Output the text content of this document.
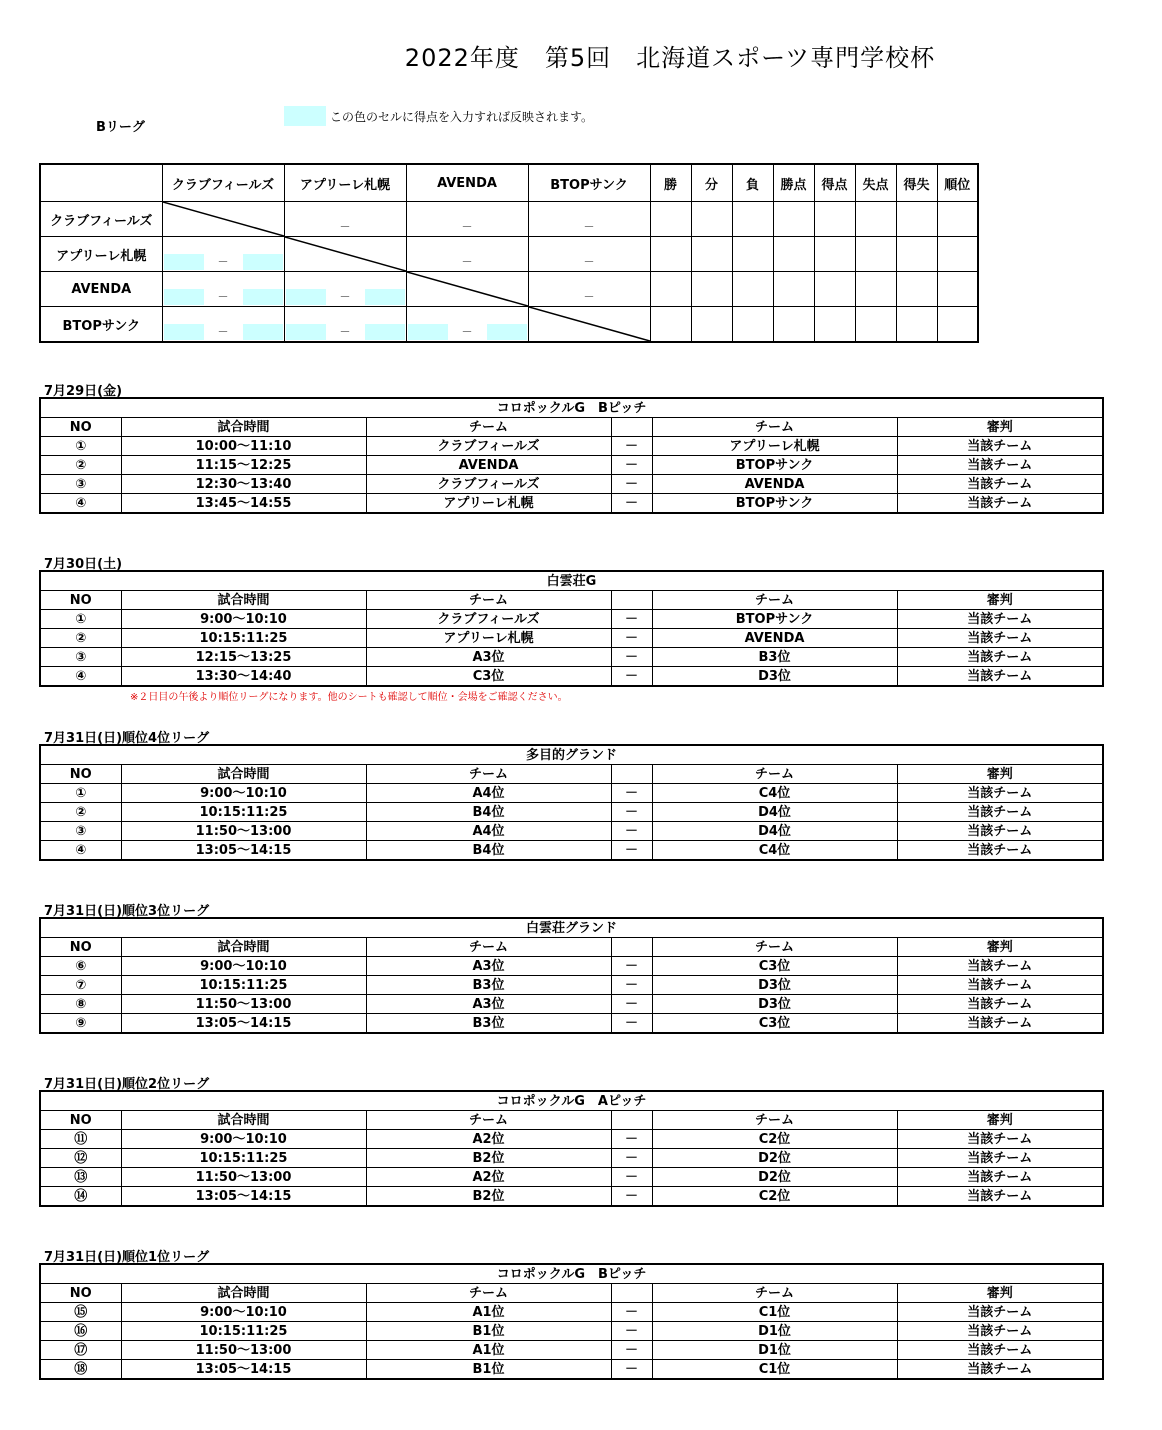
2022年度　第5回　北海道スポーツ専門学校杯
Bリーグ
この色のセルに得点を入力すれば反映されます。
	クラブフィールズ	アプリーレ札幌	AVENDA	BTOPサンク	勝	分	負	勝点	得点	失点	得失	順位
クラブフィールズ		－	－	－								

アプリーレ札幌	－		－	－								

AVENDA	－	－		－								

BTOPサンク	－	－	－

7月29日(金)
コロポックルG　Bピッチ					
NO	試合時間	チーム		チーム	審判
①	10:00～11:10	クラブフィールズ	－	アプリーレ札幌	当該チーム
②	11:15～12:25	AVENDA	－	BTOPサンク	当該チーム
③	12:30～13:40	クラブフィールズ	－	AVENDA	当該チーム
④	13:45～14:55	アプリーレ札幌	－	BTOPサンク	当該チーム
7月30日(土)
白雲荘G					
NO	試合時間	チーム		チーム	審判
①	9:00～10:10	クラブフィールズ	－	BTOPサンク	当該チーム
②	10:15:11:25	アプリーレ札幌	－	AVENDA	当該チーム
③	12:15～13:25	A3位	－	B3位	当該チーム
④	13:30～14:40	C3位	－	D3位	当該チーム
7月31日(日)順位4位リーグ
多目的グランド					
NO	試合時間	チーム		チーム	審判
①	9:00～10:10	A4位	－	C4位	当該チーム
②	10:15:11:25	B4位	－	D4位	当該チーム
③	11:50～13:00	A4位	－	D4位	当該チーム
④	13:05～14:15	B4位	－	C4位	当該チーム
7月31日(日)順位3位リーグ
白雲荘グランド					
NO	試合時間	チーム		チーム	審判
⑥	9:00～10:10	A3位	－	C3位	当該チーム
⑦	10:15:11:25	B3位	－	D3位	当該チーム
⑧	11:50～13:00	A3位	－	D3位	当該チーム
⑨	13:05～14:15	B3位	－	C3位	当該チーム
7月31日(日)順位2位リーグ
コロポックルG　Aピッチ					
NO	試合時間	チーム		チーム	審判
⑪	9:00～10:10	A2位	－	C2位	当該チーム
⑫	10:15:11:25	B2位	－	D2位	当該チーム
⑬	11:50～13:00	A2位	－	D2位	当該チーム
⑭	13:05～14:15	B2位	－	C2位	当該チーム
7月31日(日)順位1位リーグ
コロポックルG　Bピッチ					
NO	試合時間	チーム		チーム	審判
⑮	9:00～10:10	A1位	－	C1位	当該チーム
⑯	10:15:11:25	B1位	－	D1位	当該チーム
⑰	11:50～13:00	A1位	－	D1位	当該チーム
⑱	13:05～14:15	B1位	－	C1位	当該チーム
※２日目の午後より順位リーグになります。他のシートも確認して順位・会場をご確認ください。
